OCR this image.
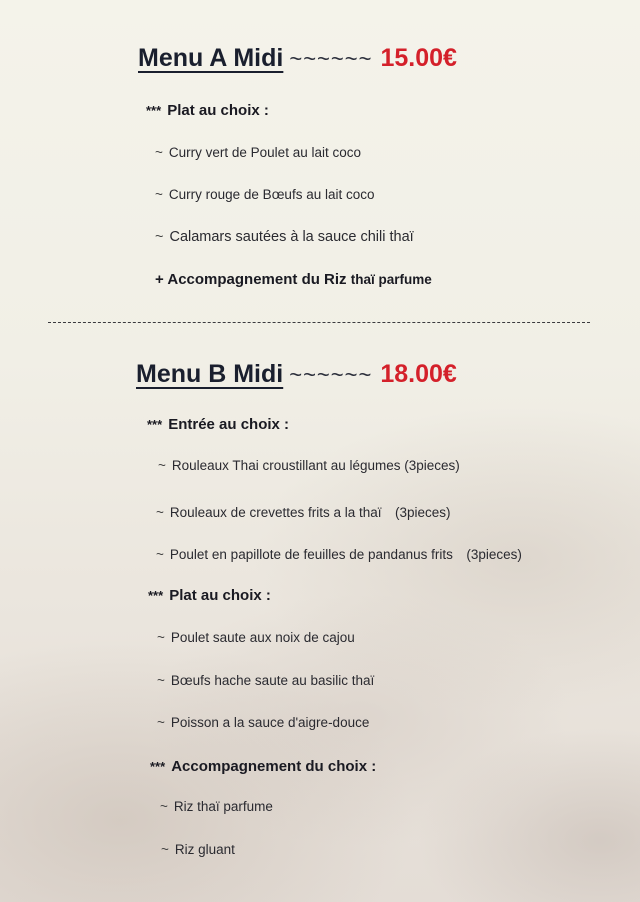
Menu A Midi ~~~~~~ 15.00€
*** Plat au choix :
~ Curry vert de Poulet au lait coco
~ Curry rouge de Bœufs au lait coco
~ Calamars sautées à la sauce chili thaï
+ Accompagnement du Riz thaï parfume
Menu B Midi ~~~~~~ 18.00€
*** Entrée au choix :
~ Rouleaux Thai croustillant au légumes (3pieces)
~ Rouleaux de crevettes frits a la thaï　(3pieces)
~ Poulet en papillote de feuilles de pandanus frits　(3pieces)
*** Plat au choix :
~ Poulet saute aux noix de cajou
~ Bœufs hache saute au basilic thaï
~ Poisson a la sauce d'aigre-douce
*** Accompagnement du choix :
~ Riz thaï parfume
~ Riz gluant
